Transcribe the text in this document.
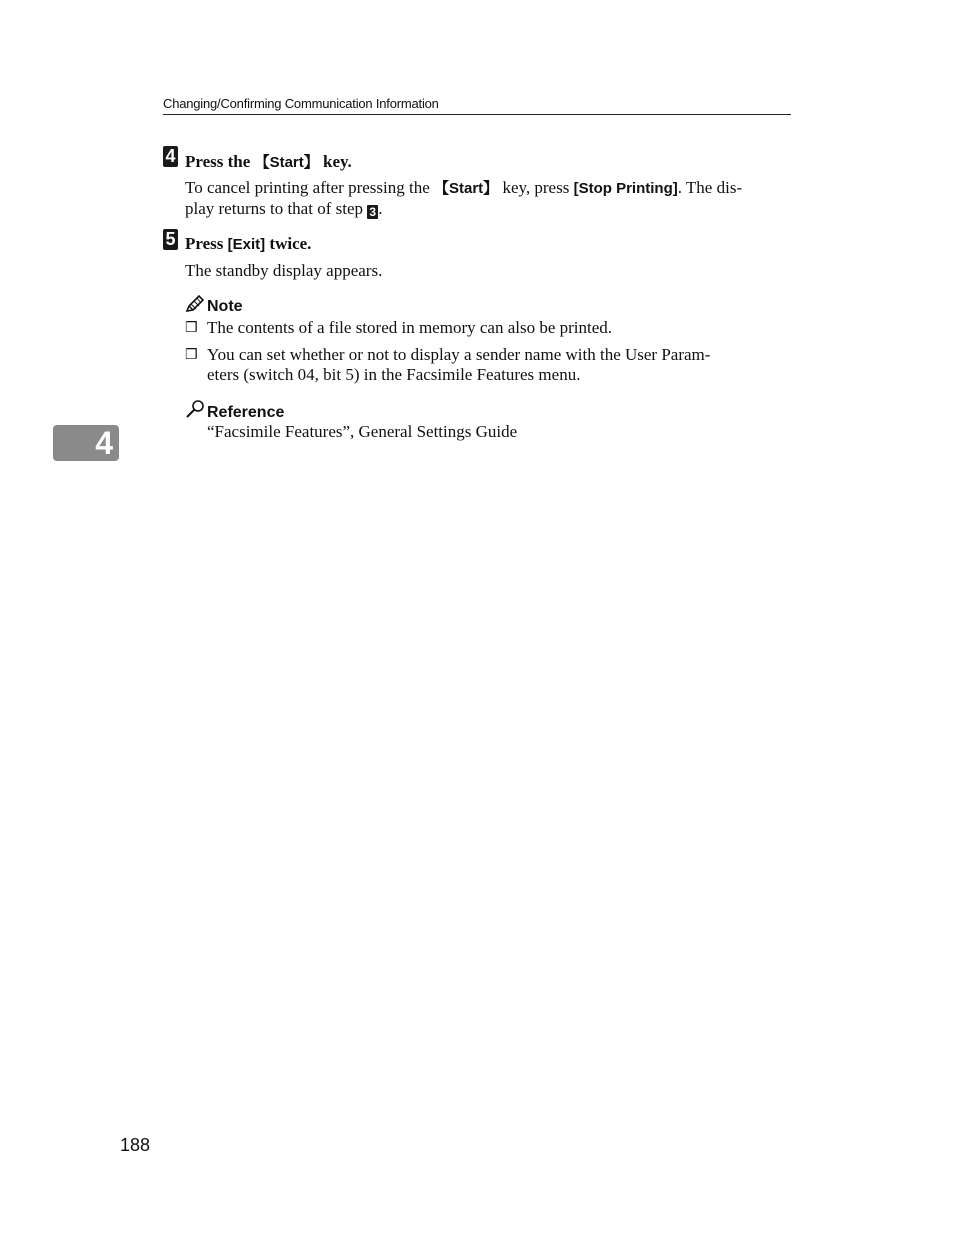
Changing/Confirming Communication Information
4 Press the 【Start】 key.
To cancel printing after pressing the 【Start】 key, press [Stop Printing]. The dis-
play returns to that of step 3 .
5 Press [Exit] twice.
The standby display appears.
Note
❒ The contents of a file stored in memory can also be printed.
❒ You can set whether or not to display a sender name with the User Param-
eters (switch 04, bit 5) in the Facsimile Features menu.
Reference
“Facsimile Features”, General Settings Guide
4
188
